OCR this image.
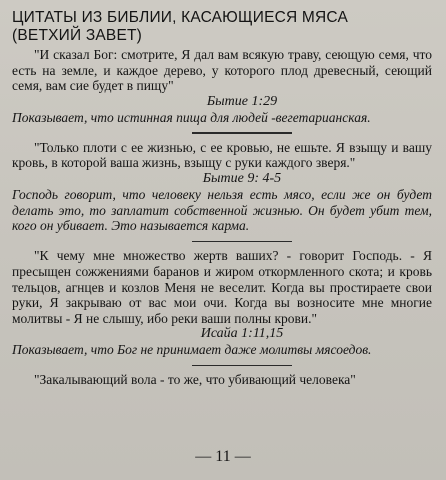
ЦИТАТЫ ИЗ БИБЛИИ, КАСАЮЩИЕСЯ МЯСА
(ВЕТХИЙ ЗАВЕТ)

"И сказал Бог: смотрите, Я дал вам всякую траву, сеющую семя, что есть на земле, и каждое дерево, у которого плод древесный, сеющий семя, вам сие будет в пищу"

Бытие 1:29

Показывает, что истинная пища для людей -вегетарианская.

"Только плоти с ее жизнью, с ее кровью, не ешьте. Я взыщу и вашу кровь, в которой ваша жизнь, взыщу с руки каждого зверя."

Бытие 9: 4-5

Господь говорит, что человеку нельзя есть мясо, если же он будет делать это, то заплатит собственной жизнью. Он будет убит тем, кого он убивает. Это называется карма.

"К чему мне множество жертв ваших? - говорит Господь. - Я пресыщен сожжениями баранов и жиром откормленного скота; и кровь тельцов, агнцев и козлов Меня не веселит. Когда вы простираете свои руки, Я закрываю от вас мои очи. Когда вы возносите мне многие молитвы - Я не слышу, ибо реки ваши полны крови."

Исайа 1:11,15

Показывает, что Бог не принимает даже молитвы мясоедов.

"Закалывающий вола - то же, что убивающий человека"

— 11 —
